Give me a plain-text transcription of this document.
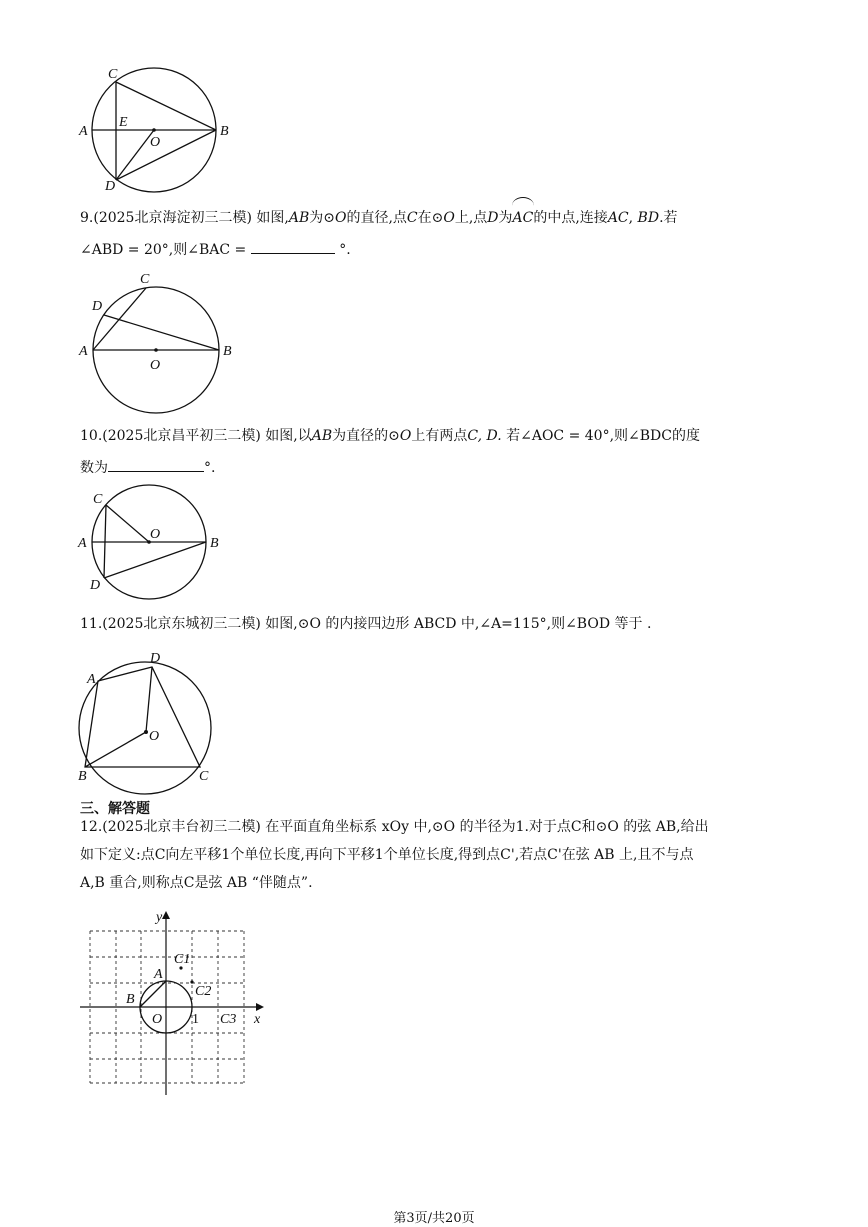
C
A
E
O
B
D

9.(2025北京海淀初三二模) 如图,AB为⊙O的直径,点C在⊙O上,点D为
AC的中点,连接AC, BD.若

∠ABD = 20°,则∠BAC =	°.

C
D
A
O
B

10.(2025北京昌平初三二模) 如图,以AB为直径的⊙O上有两点C, D. 若∠AOC = 40°,则∠BDC的度

数为	°.

C
O
A	B
D

11.(2025北京东城初三二模) 如图,⊙O 的内接四边形 ABCD 中,∠A=115°,则∠BOD 等于 .

D
A
O
B	C
三、解答题

12.(2025北京丰台初三二模) 在平面直角坐标系 xOy 中,⊙O 的半径为1.对于点C和⊙O 的弦 AB,给出

如下定义:点C向左平移1个单位长度,再向下平移1个单位长度,得到点C',若点C'在弦 AB 上,且不与点

A,B 重合,则称点C是弦 AB “伴随点”.

y
A
C1
C2
B
O 1 C3 x
第3页/共20页
